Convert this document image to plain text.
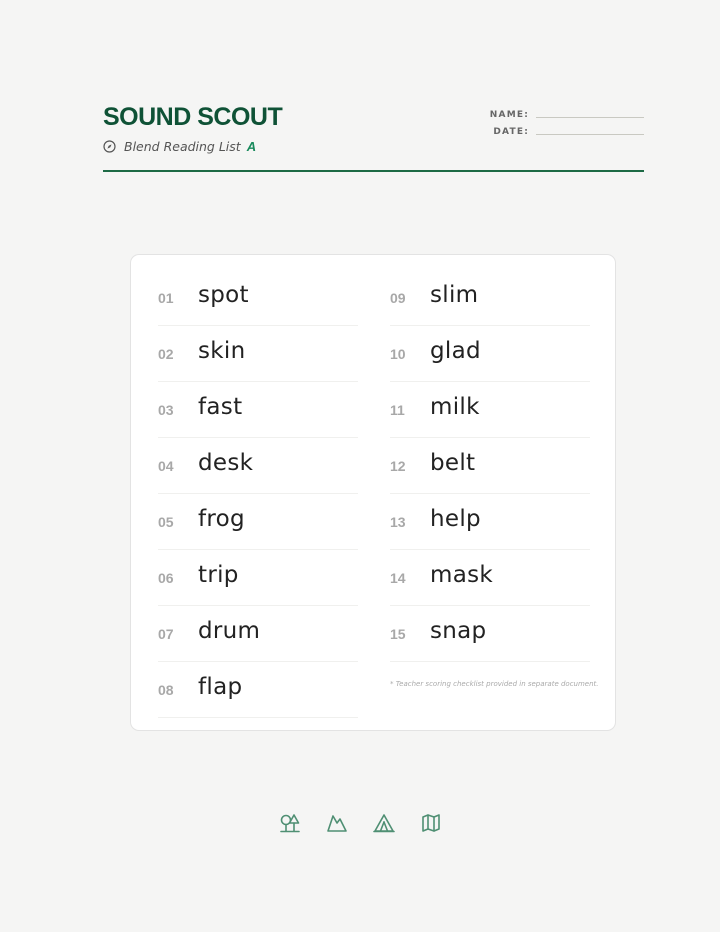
SOUND SCOUT
Blend Reading List A
NAME:
DATE:
01 spot
02 skin
03 fast
04 desk
05 frog
06 trip
07 drum
08 flap
09 slim
10 glad
11 milk
12 belt
13 help
14 mask
15 snap
* Teacher scoring checklist provided in separate document.
